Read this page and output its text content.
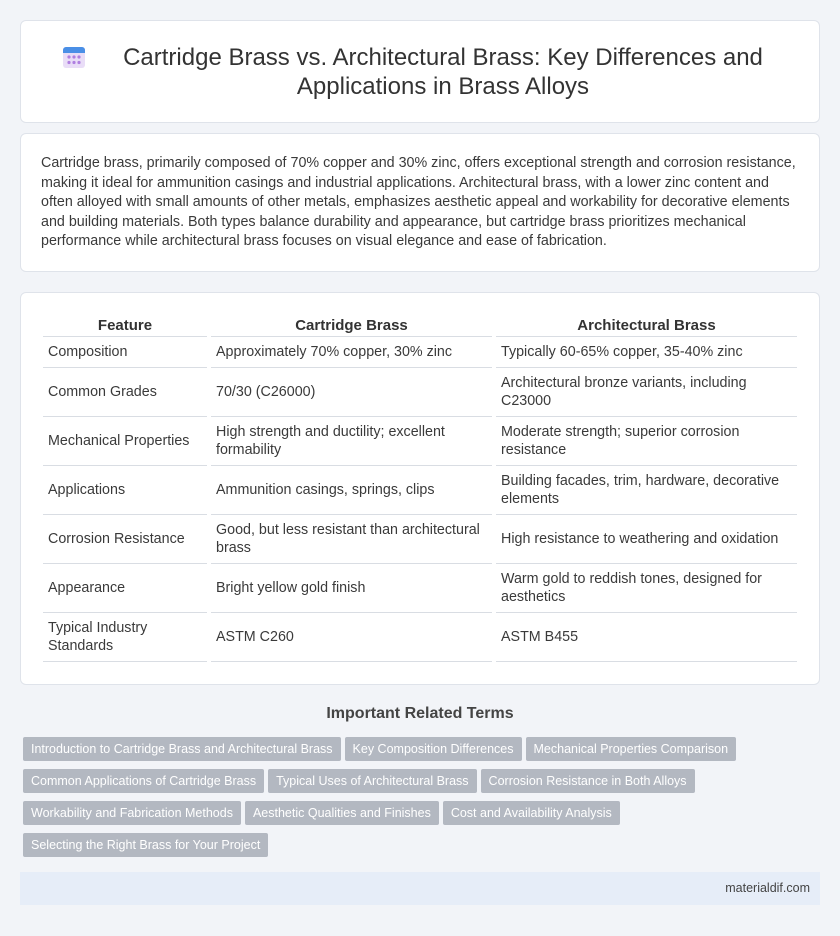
Cartridge Brass vs. Architectural Brass: Key Differences and Applications in Brass Alloys

Cartridge brass, primarily composed of 70% copper and 30% zinc, offers exceptional strength and corrosion resistance, making it ideal for ammunition casings and industrial applications. Architectural brass, with a lower zinc content and often alloyed with small amounts of other metals, emphasizes aesthetic appeal and workability for decorative elements and building materials. Both types balance durability and appearance, but cartridge brass prioritizes mechanical performance while architectural brass focuses on visual elegance and ease of fabrication.

Feature	Cartridge Brass	Architectural Brass
Composition	Approximately 70% copper, 30% zinc	Typically 60-65% copper, 35-40% zinc
Common Grades	70/30 (C26000)	Architectural bronze variants, including C23000
Mechanical Properties	High strength and ductility; excellent formability	Moderate strength; superior corrosion resistance
Applications	Ammunition casings, springs, clips	Building facades, trim, hardware, decorative elements
Corrosion Resistance	Good, but less resistant than architectural brass	High resistance to weathering and oxidation
Appearance	Bright yellow gold finish	Warm gold to reddish tones, designed for aesthetics
Typical Industry Standards	ASTM C260	ASTM B455
Important Related Terms
Introduction to Cartridge Brass and Architectural Brass Key Composition Differences Mechanical Properties Comparison
Common Applications of Cartridge Brass Typical Uses of Architectural Brass Corrosion Resistance in Both Alloys
Workability and Fabrication Methods Aesthetic Qualities and Finishes Cost and Availability Analysis
Selecting the Right Brass for Your Project
materialdif.com
